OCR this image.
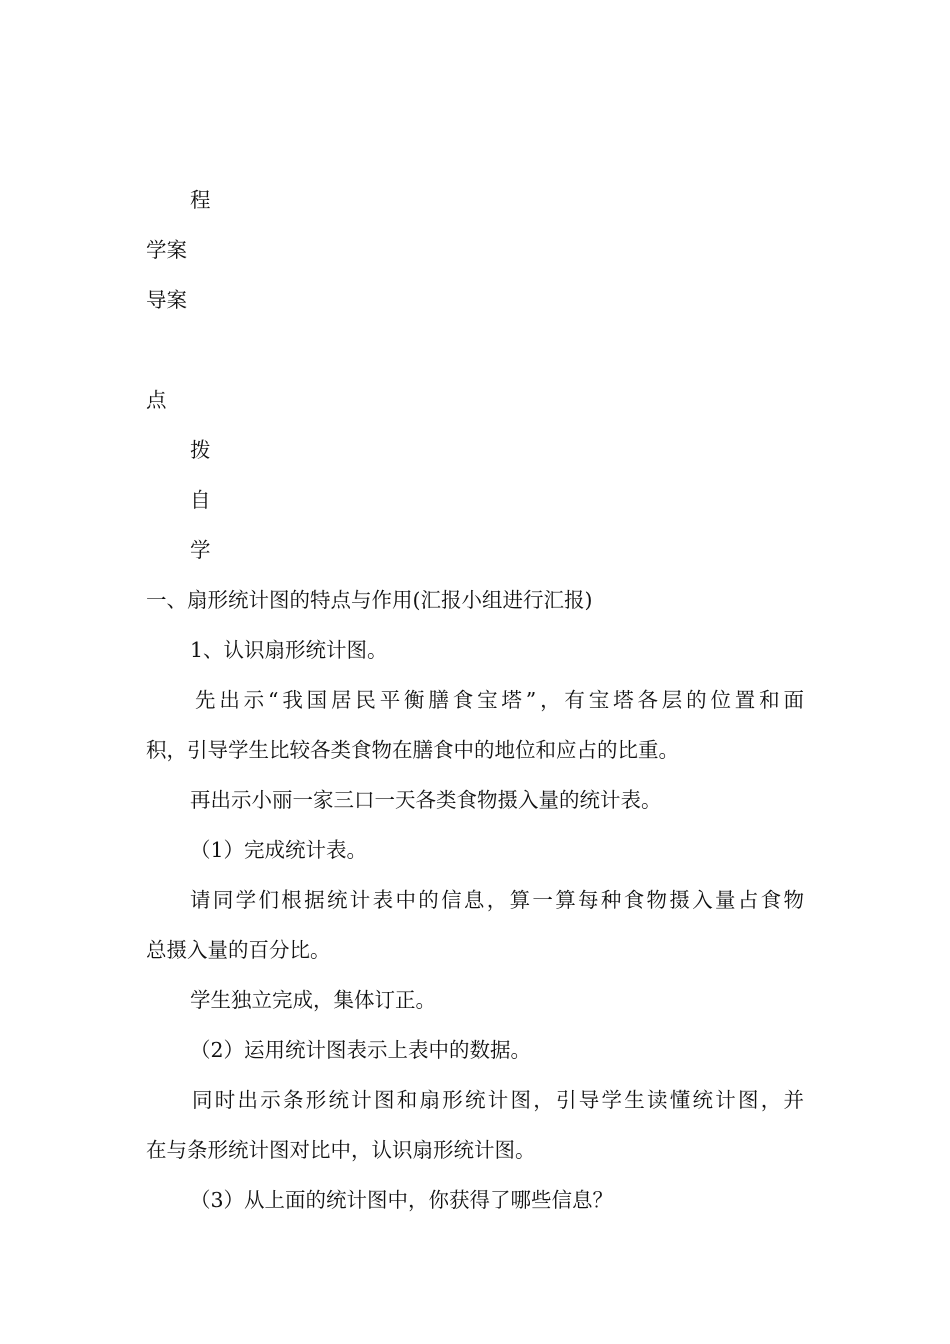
程

学案

导案

点

拨

自

学

一、扇形统计图的特点与作用(汇报小组进行汇报)

1、认识扇形统计图。

先出示“我国居民平衡膳食宝塔”，有宝塔各层的位置和面

积，引导学生比较各类食物在膳食中的地位和应占的比重。

再出示小丽一家三口一天各类食物摄入量的统计表。

（1）完成统计表。

请同学们根据统计表中的信息，算一算每种食物摄入量占食物

总摄入量的百分比。

学生独立完成，集体订正。

（2）运用统计图表示上表中的数据。

同时出示条形统计图和扇形统计图，引导学生读懂统计图，并

在与条形统计图对比中，认识扇形统计图。

（3）从上面的统计图中，你获得了哪些信息？
